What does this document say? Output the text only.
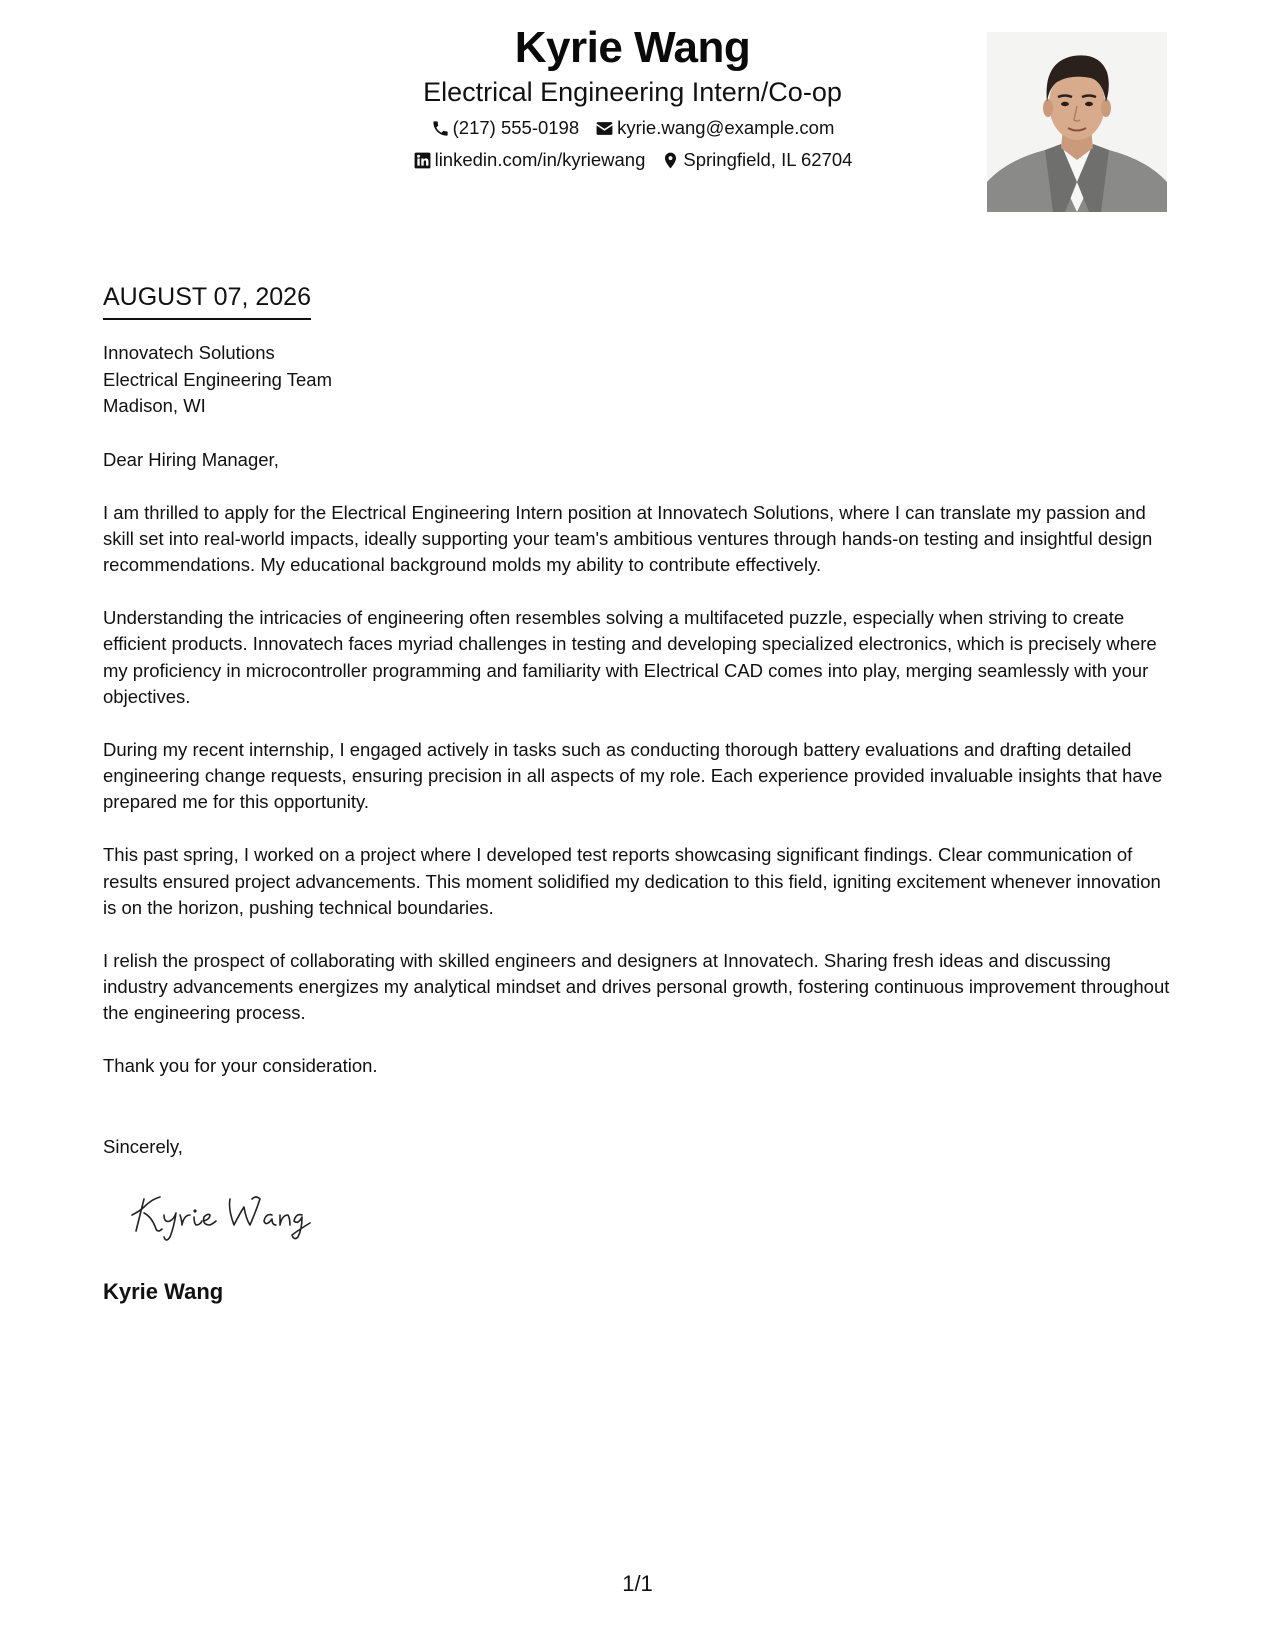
Kyrie Wang
Electrical Engineering Intern/Co-op
(217) 555-0198 kyrie.wang@example.com
linkedin.com/in/kyriewang Springfield, IL 62704
AUGUST 07, 2026
Innovatech Solutions
Electrical Engineering Team
Madison, WI

Dear Hiring Manager,

I am thrilled to apply for the Electrical Engineering Intern position at Innovatech Solutions, where I can translate my passion and skill set into real-world impacts, ideally supporting your team's ambitious ventures through hands-on testing and insightful design recommendations. My educational background molds my ability to contribute effectively.

Understanding the intricacies of engineering often resembles solving a multifaceted puzzle, especially when striving to create efficient products. Innovatech faces myriad challenges in testing and developing specialized electronics, which is precisely where my proficiency in microcontroller programming and familiarity with Electrical CAD comes into play, merging seamlessly with your objectives.

During my recent internship, I engaged actively in tasks such as conducting thorough battery evaluations and drafting detailed engineering change requests, ensuring precision in all aspects of my role. Each experience provided invaluable insights that have prepared me for this opportunity.

This past spring, I worked on a project where I developed test reports showcasing significant findings. Clear communication of results ensured project advancements. This moment solidified my dedication to this field, igniting excitement whenever innovation is on the horizon, pushing technical boundaries.

I relish the prospect of collaborating with skilled engineers and designers at Innovatech. Sharing fresh ideas and discussing industry advancements energizes my analytical mindset and drives personal growth, fostering continuous improvement throughout the engineering process.

Thank you for your consideration.

Sincerely,
Kyrie Wang
1/1
